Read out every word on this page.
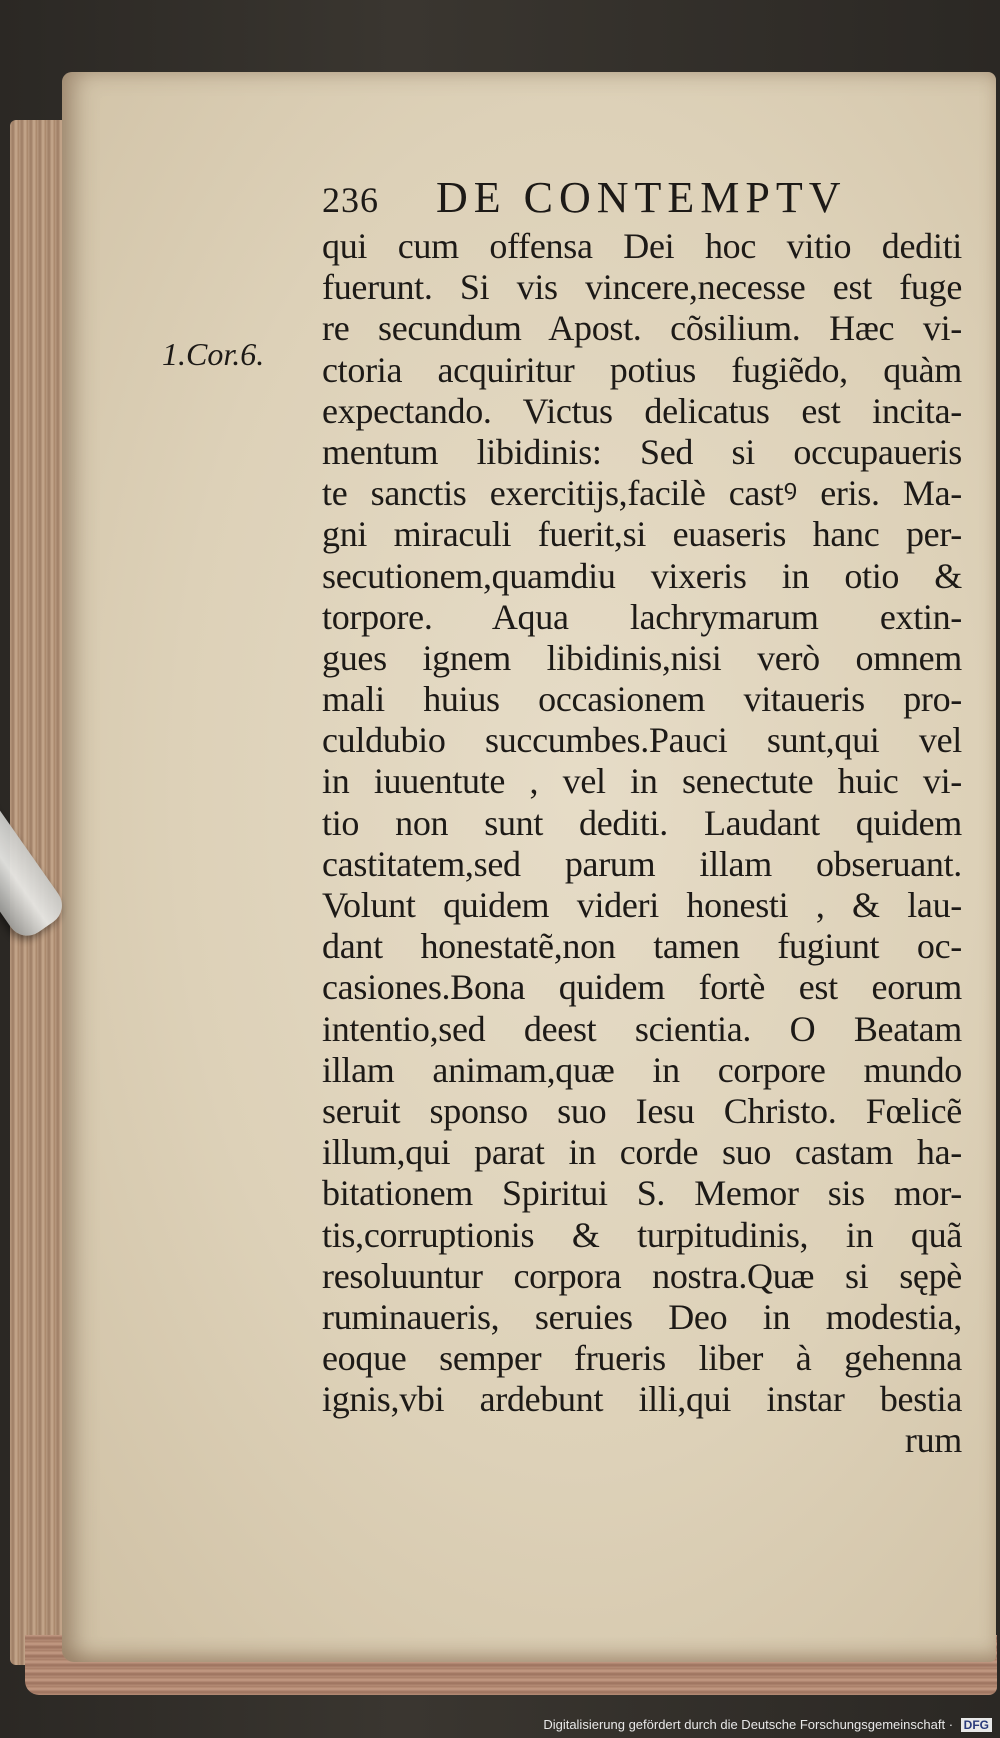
1.Cor.6.
236 DE CONTEMPTV
qui cum offensa Dei hoc vitio dediti
fuerunt. Si vis vincere,necesse est fuge
re secundum Apost. cõsilium. Hæc vi-
ctoria acquiritur potius fugiẽdo, quàm
expectando. Victus delicatus est incita-
mentum libidinis: Sed si occupaueris
te sanctis exercitijs,facilè castꝰ eris. Ma-
gni miraculi fuerit,si euaseris hanc per-
secutionem,quamdiu vixeris in otio &
torpore. Aqua lachrymarum extin-
gues ignem libidinis,nisi verò omnem
mali huius occasionem vitaueris pro-
culdubio succumbes.Pauci sunt,qui vel
in iuuentute , vel in senectute huic vi-
tio non sunt dediti. Laudant quidem
castitatem,sed parum illam obseruant.
Volunt quidem videri honesti , & lau-
dant honestatẽ,non tamen fugiunt oc-
casiones.Bona quidem fortè est eorum
intentio,sed deest scientia. O Beatam
illam animam,quæ in corpore mundo
seruit sponso suo Iesu Christo. Fœlicẽ
illum,qui parat in corde suo castam ha-
bitationem Spiritui S. Memor sis mor-
tis,corruptionis & turpitudinis, in quã
resoluuntur corpora nostra.Quæ si sępè
ruminaueris, seruies Deo in modestia,
eoque semper frueris liber à gehenna
ignis,vbi ardebunt illi,qui instar bestia
rum
Digitalisierung gefördert durch die Deutsche Forschungsgemeinschaft · DFG
